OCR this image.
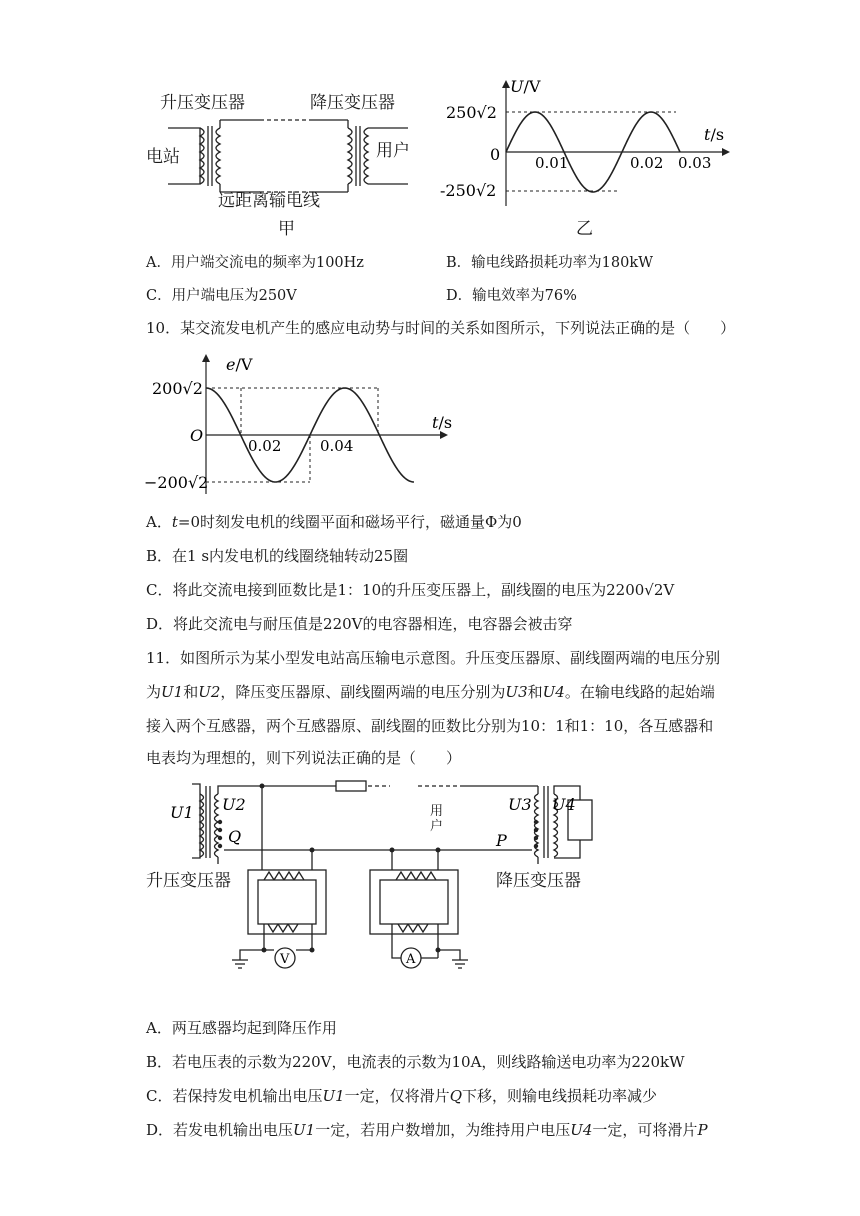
升压变压器	降压变压器
电站	用户
远距离输电线
甲
U/V
t/s
250√2
-250√2
0 0.01	0.02 0.03
乙
A．用户端交流电的频率为100Hz	B．输电线路损耗功率为180kW
C．用户端电压为250V	D．输电效率为76%
10．某交流发电机产生的感应电动势与时间的关系如图所示，下列说法正确的是（　　）
e/V
t/s
200√2
−200√2
O
0.02	0.04
A．t=0时刻发电机的线圈平面和磁场平行，磁通量Φ为0
B．在1 s内发电机的线圈绕轴转动25圈
C．将此交流电接到匝数比是1：10的升压变压器上，副线圈的电压为2200√2V
D．将此交流电与耐压值是220V的电容器相连，电容器会被击穿
11．如图所示为某小型发电站高压输电示意图。升压变压器原、副线圈两端的电压分别
为U1和U2，降压变压器原、副线圈两端的电压分别为U3和U4。在输电线路的起始端
接入两个互感器，两个互感器原、副线圈的匝数比分别为10：1和1：10，各互感器和
电表均为理想的，则下列说法正确的是（　　）
U1 U2
Q
U3 U4
P
V	A
用户
升压变压器	降压变压器
A．两互感器均起到降压作用
B．若电压表的示数为220V，电流表的示数为10A，则线路输送电功率为220kW
C．若保持发电机输出电压U1一定，仅将滑片Q下移，则输电线损耗功率减少
D．若发电机输出电压U1一定，若用户数增加，为维持用户电压U4一定，可将滑片P
